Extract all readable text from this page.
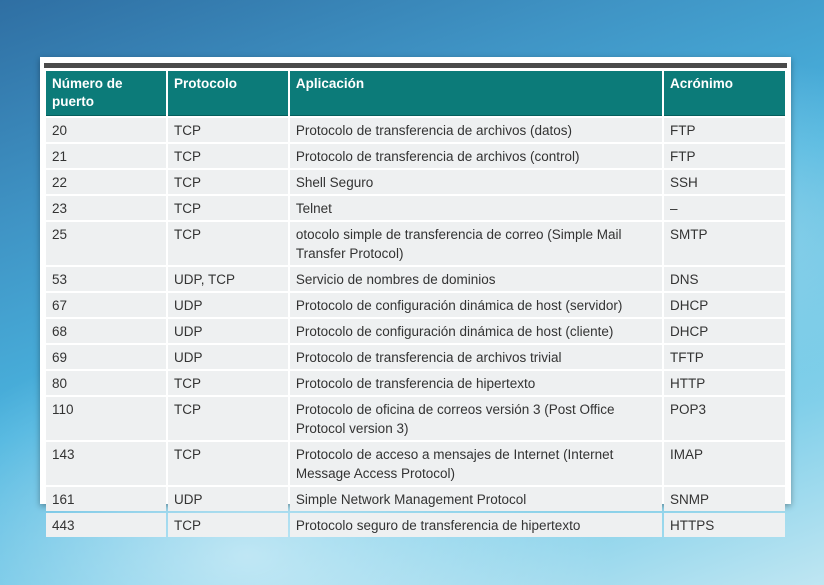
Número de puerto	Protocolo	Aplicación	Acrónimo
20	TCP	Protocolo de transferencia de archivos (datos)	FTP
21	TCP	Protocolo de transferencia de archivos (control)	FTP
22	TCP	Shell Seguro	SSH
23	TCP	Telnet	–
25	TCP	otocolo simple de transferencia de correo (Simple Mail Transfer Protocol)	SMTP
53	UDP, TCP	Servicio de nombres de dominios	DNS
67	UDP	Protocolo de configuración dinámica de host (servidor)	DHCP
68	UDP	Protocolo de configuración dinámica de host (cliente)	DHCP
69	UDP	Protocolo de transferencia de archivos trivial	TFTP
80	TCP	Protocolo de transferencia de hipertexto	HTTP
110	TCP	Protocolo de oficina de correos versión 3 (Post Office Protocol version 3)	POP3
143	TCP	Protocolo de acceso a mensajes de Internet (Internet Message Access Protocol)	IMAP
161	UDP	Simple Network Management Protocol	SNMP
443	TCP	Protocolo seguro de transferencia de hipertexto	HTTPS
